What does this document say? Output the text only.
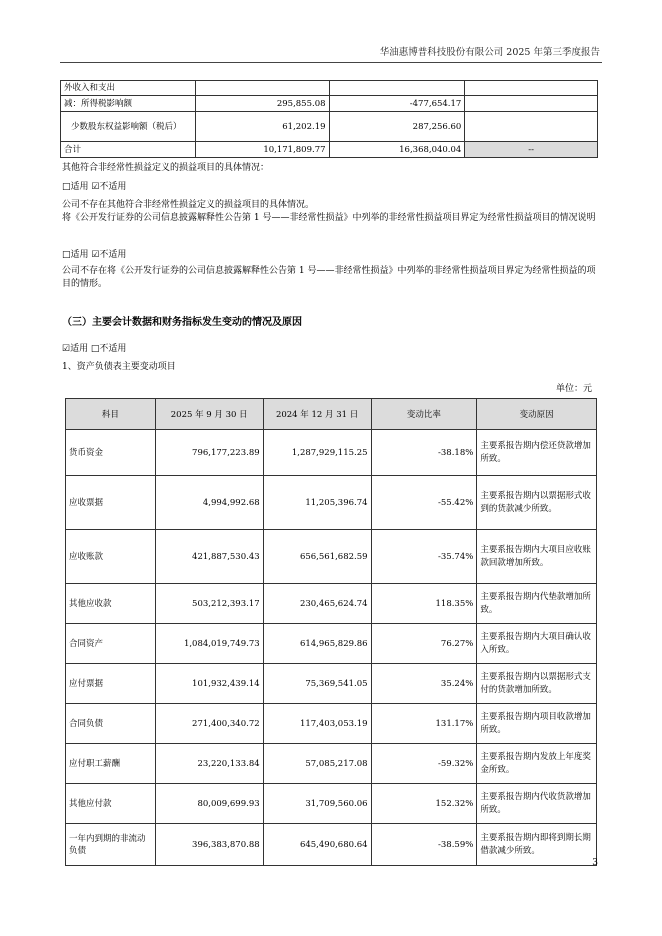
华油惠博普科技股份有限公司 2025 年第三季度报告
外收入和支出			
减：所得税影响额	295,855.08	-477,654.17	
少数股东权益影响额（税后）	61,202.19	287,256.60	
合计	10,171,809.77	16,368,040.04	--
其他符合非经常性损益定义的损益项目的具体情况：
□适用 ☑不适用
公司不存在其他符合非经常性损益定义的损益项目的具体情况。
将《公开发行证券的公司信息披露解释性公告第 1 号——非经常性损益》中列举的非经常性损益项目界定为经常性损益项目的情况说明
□适用 ☑不适用
公司不存在将《公开发行证券的公司信息披露解释性公告第 1 号——非经常性损益》中列举的非经常性损益项目界定为经常性损益的项目的情形。
（三）主要会计数据和财务指标发生变动的情况及原因
☑适用 □不适用
1、资产负债表主要变动项目
单位：元
科目	2025 年 9 月 30 日	2024 年 12 月 31 日	变动比率	变动原因
货币资金	796,177,223.89	1,287,929,115.25	-38.18%	主要系报告期内偿还贷款增加所致。
应收票据	4,994,992.68	11,205,396.74	-55.42%	主要系报告期内以票据形式收到的货款减少所致。
应收账款	421,887,530.43	656,561,682.59	-35.74%	主要系报告期内大项目应收账款回款增加所致。
其他应收款	503,212,393.17	230,465,624.74	118.35%	主要系报告期内代垫款增加所致。
合同资产	1,084,019,749.73	614,965,829.86	76.27%	主要系报告期内大项目确认收入所致。
应付票据	101,932,439.14	75,369,541.05	35.24%	主要系报告期内以票据形式支付的货款增加所致。
合同负债	271,400,340.72	117,403,053.19	131.17%	主要系报告期内项目收款增加所致。
应付职工薪酬	23,220,133.84	57,085,217.08	-59.32%	主要系报告期内发放上年度奖金所致。
其他应付款	80,009,699.93	31,709,560.06	152.32%	主要系报告期内代收货款增加所致。
一年内到期的非流动负债	396,383,870.88	645,490,680.64	-38.59%	主要系报告期内即将到期长期借款减少所致。
3
